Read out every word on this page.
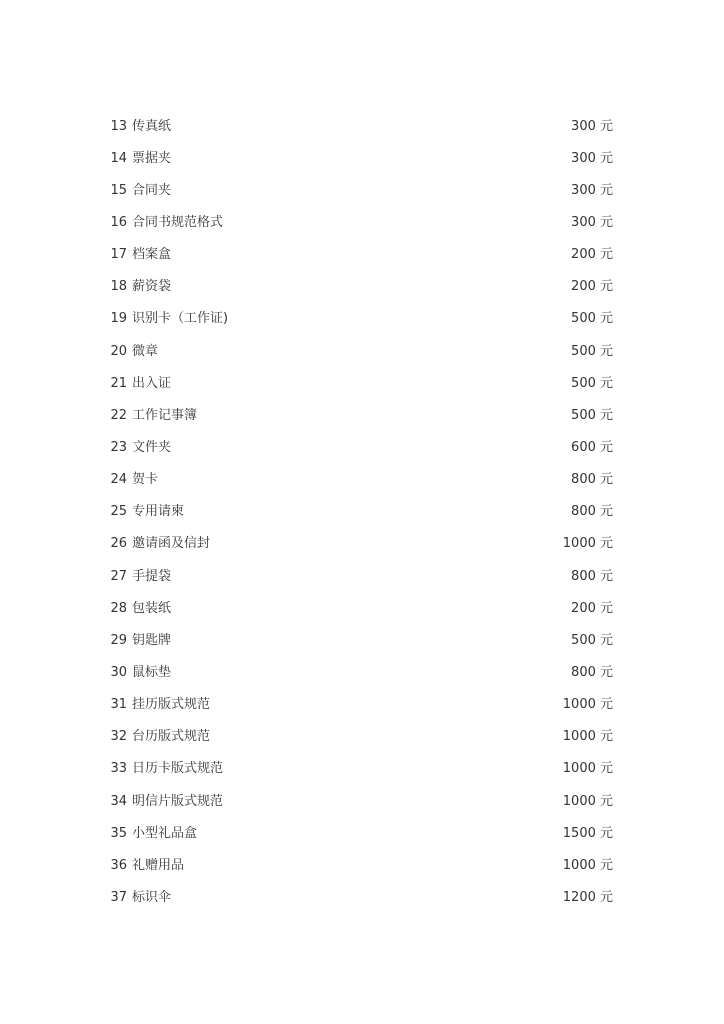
13 传真纸	300 元
14 票据夹	300 元
15 合同夹	300 元
16 合同书规范格式	300 元
17 档案盒	200 元
18 薪资袋	200 元
19 识别卡（工作证)	500 元
20 微章	500 元
21 出入证	500 元
22 工作记事簿	500 元
23 文件夹	600 元
24 贺卡	800 元
25 专用请柬	800 元
26 邀请函及信封	1000 元
27 手提袋	800 元
28 包装纸	200 元
29 钥匙牌	500 元
30 鼠标垫	800 元
31 挂历版式规范	1000 元
32 台历版式规范	1000 元
33 日历卡版式规范	1000 元
34 明信片版式规范	1000 元
35 小型礼品盒	1500 元
36 礼赠用品	1000 元
37 标识伞	1200 元
